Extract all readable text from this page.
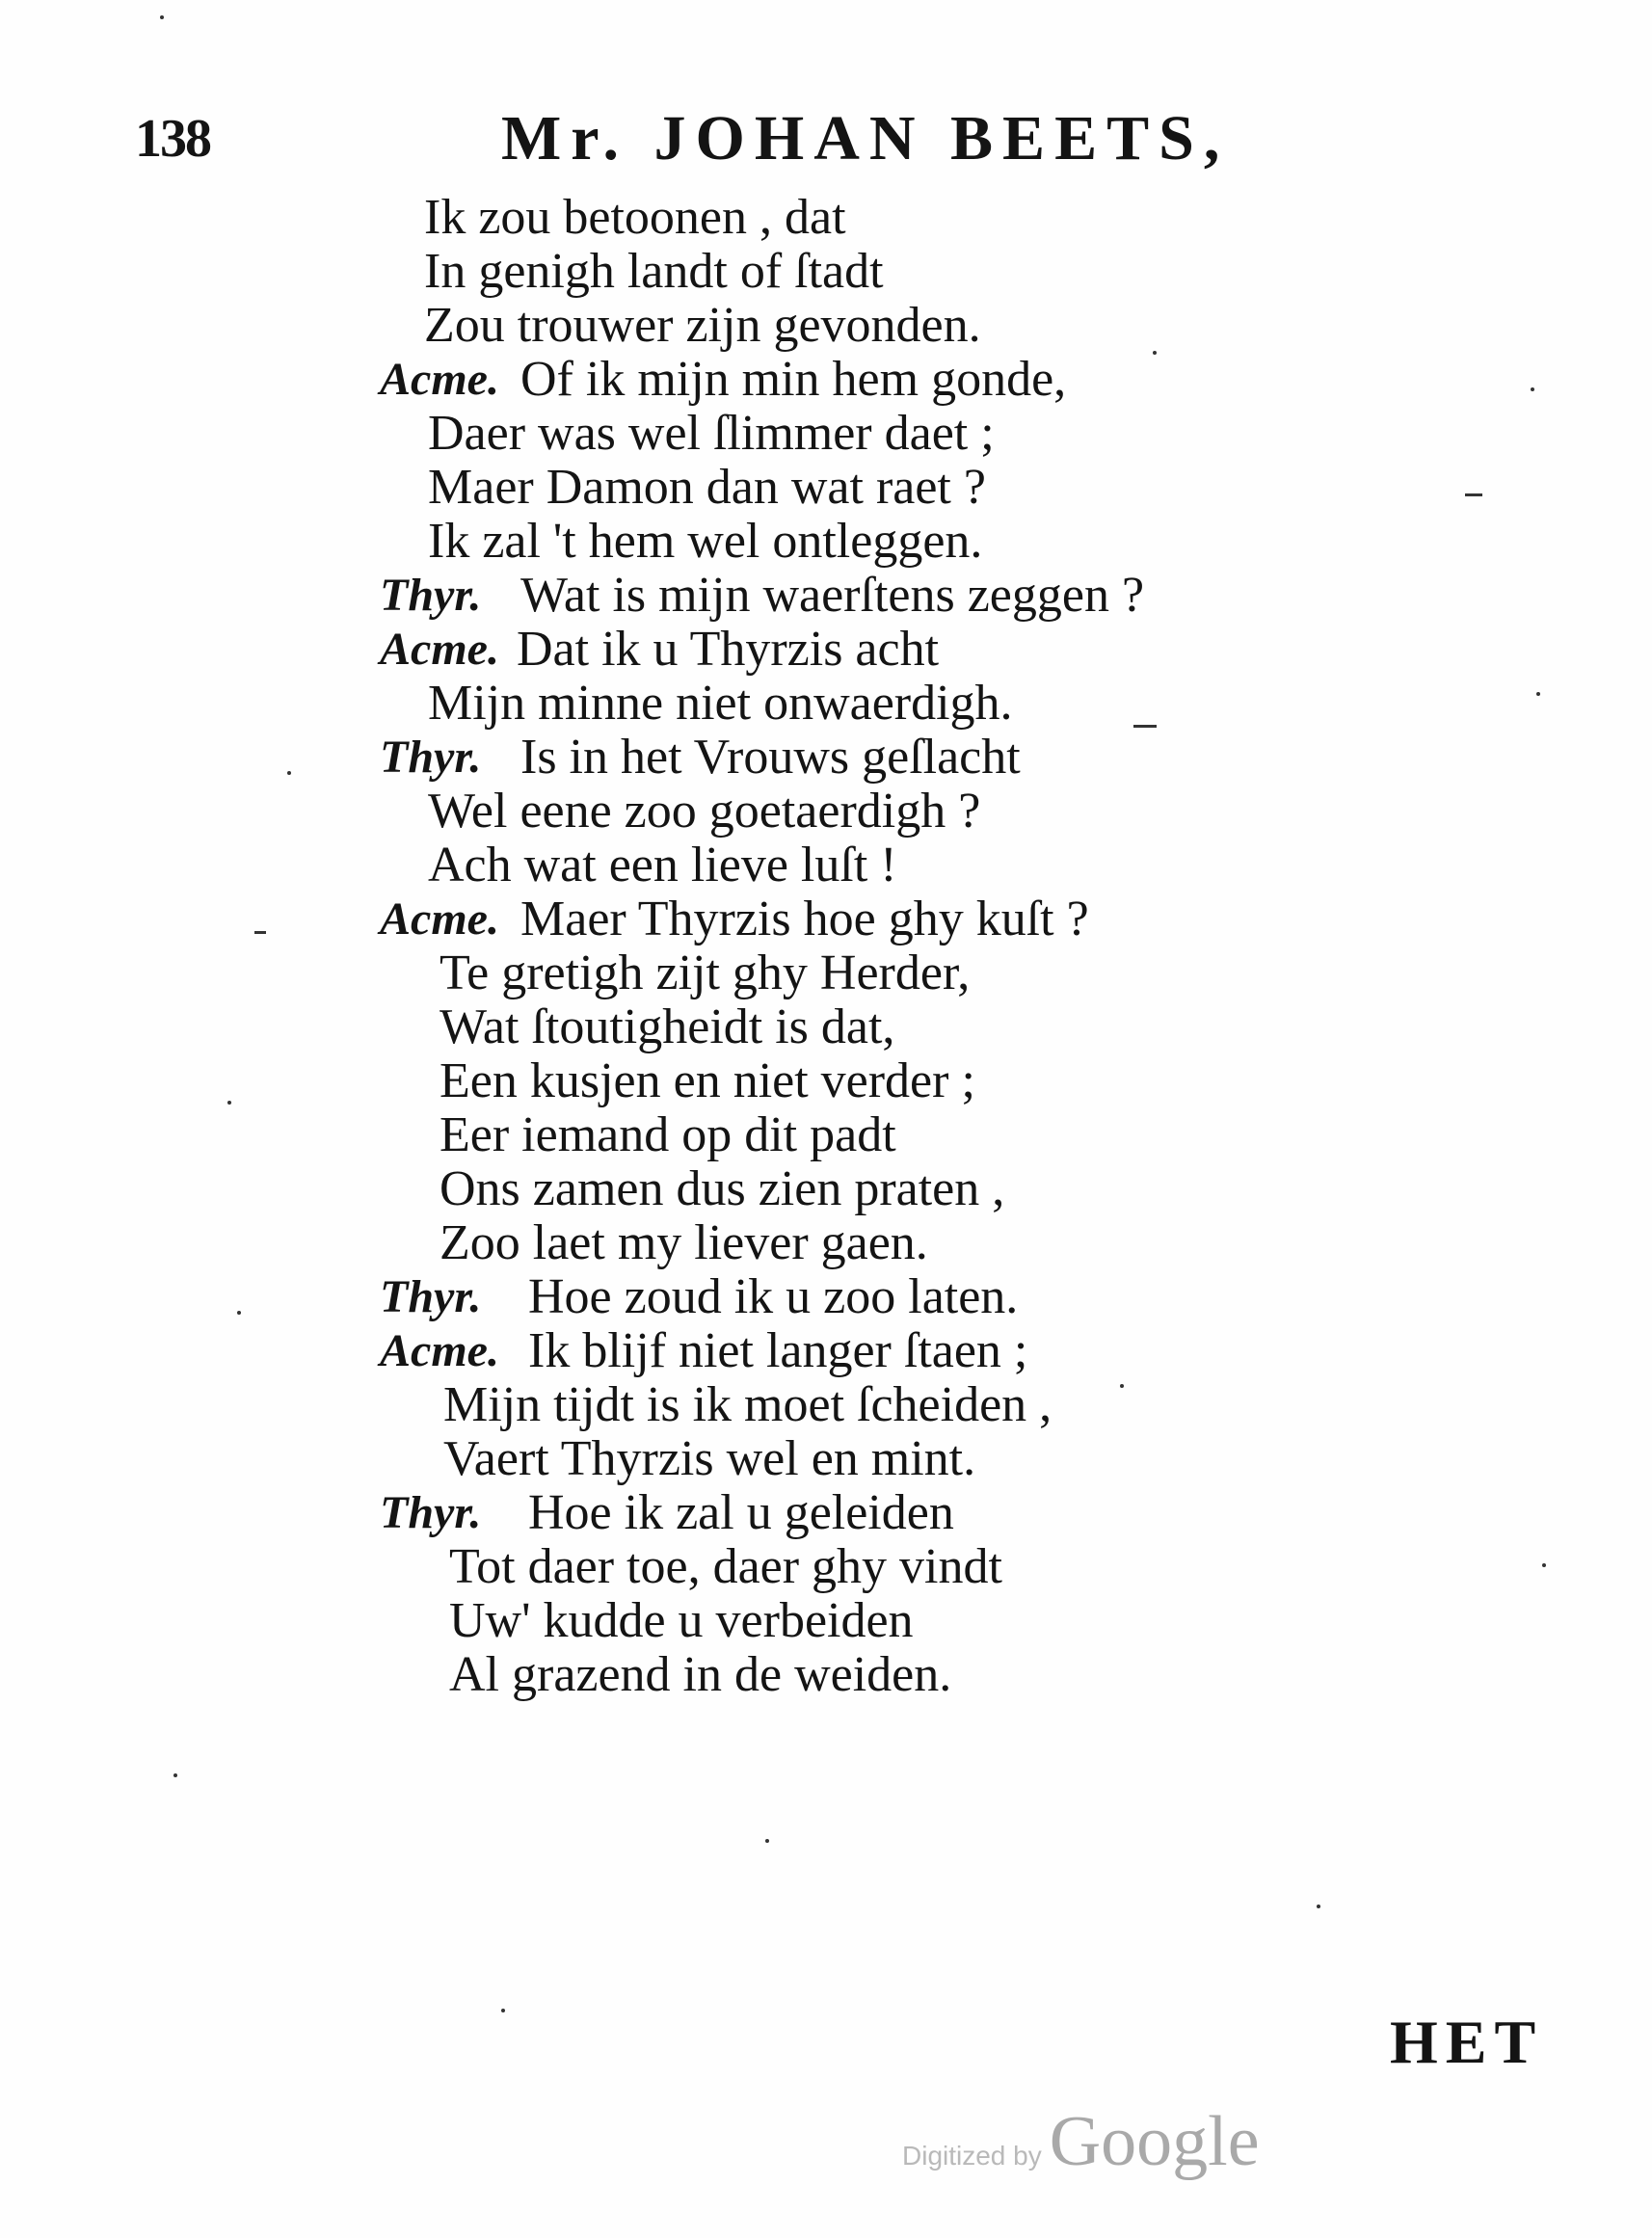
138	Mr. JOHAN BEETS,
Ik zou betoonen , dat
In genigh landt of ſtadt
Zou trouwer zijn gevonden.
Acme. Of ik mijn min hem gonde,
Daer was wel ſlimmer daet ;
Maer Damon dan wat raet ?
Ik zal 't hem wel ontleggen.
Thyr. Wat is mijn waerſtens zeggen ?
Acme. Dat ik u Thyrzis acht
Mijn minne niet onwaerdigh.
Thyr. Is in het Vrouws geſlacht
Wel eene zoo goetaerdigh ?
Ach wat een lieve luſt !
Acme. Maer Thyrzis hoe ghy kuſt ?
Te gretigh zijt ghy Herder,
Wat ſtoutigheidt is dat,
Een kusjen en niet verder ;
Eer iemand op dit padt
Ons zamen dus zien praten ,
Zoo laet my liever gaen.
Thyr. Hoe zoud ik u zoo laten.
Acme. Ik blijf niet langer ſtaen ;
Mijn tijdt is ik moet ſcheiden ,
Vaert Thyrzis wel en mint.
Thyr. Hoe ik zal u geleiden
Tot daer toe, daer ghy vindt
Uw' kudde u verbeiden
Al grazend in de weiden.
HET
Digitized by Google
